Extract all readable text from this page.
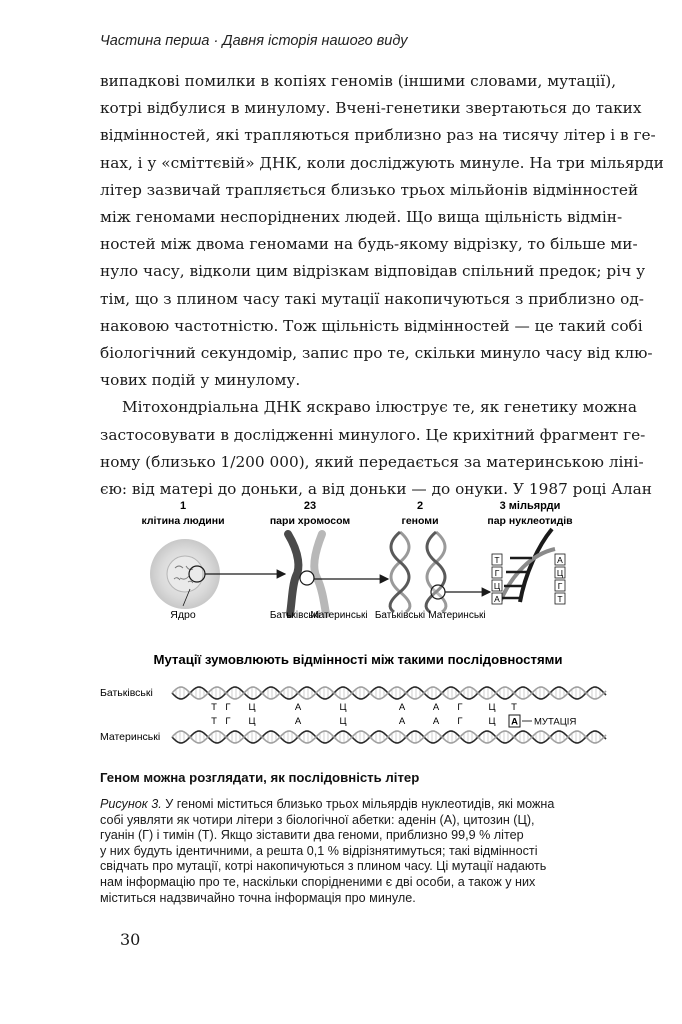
Частина перша · Давня історія нашого виду
випадкові помилки в копіях геномів (іншими словами, мутації),
котрі відбулися в минулому. Вчені-генетики звертаються до таких
відмінностей, які трапляються приблизно раз на тисячу літер і в ге-
нах, і у «сміттєвій» ДНК, коли досліджують минуле. На три мільярди
літер зазвичай трапляється близько трьох мільйонів відмінностей
між геномами неспоріднених людей. Що вища щільність відмін-
ностей між двома геномами на будь-якому відрізку, то більше ми-
нуло часу, відколи цим відрізкам відповідав спільний предок; річ у
тім, що з плином часу такі мутації накопичуються з приблизно од-
наковою частотністю. Тож щільність відмінностей — це такий собі
біологічний секундомір, запис про те, скільки минуло часу від клю-
чових подій у минулому.
Мітохондріальна ДНК яскраво ілюструє те, як генетику можна
застосовувати в дослідженні минулого. Це крихітний фрагмент ге-
ному (близько 1/200 000), який передається за материнською ліні-
єю: від матері до доньки, а від доньки — до онуки. У 1987 році Алан
1
клітина людини
23
пари хромосом
2
геноми
3 мільярди
пар нуклеотидів
Ядро	Батьківські
Материнські Батьківські Материнські
Т
Г
Ц
А
А
Ц
Г
Т
Мутації зумовлюють відмінності між такими послідовностями
Батьківські
Материнські
Т Г Ц	А	Ц	А	А Г	Ц Т
Т Г Ц	А	Ц	А	А Г	Ц А МУТАЦІЯ
Геном можна розглядати, як послідовність літер
Рисунок 3. У геномі міститься близько трьох мільярдів нуклеотидів, які можна
собі уявляти як чотири літери з біологічної абетки: аденін (А), цитозин (Ц),
гуанін (Г) і тимін (Т). Якщо зіставити два геноми, приблизно 99,9 % літер
у них будуть ідентичними, а решта 0,1 % відрізнятимуться; такі відмінності
свідчать про мутації, котрі накопичуються з плином часу. Ці мутації надають
нам інформацію про те, наскільки спорідненими є дві особи, а також у них
міститься надзвичайно точна інформація про минуле.
30
